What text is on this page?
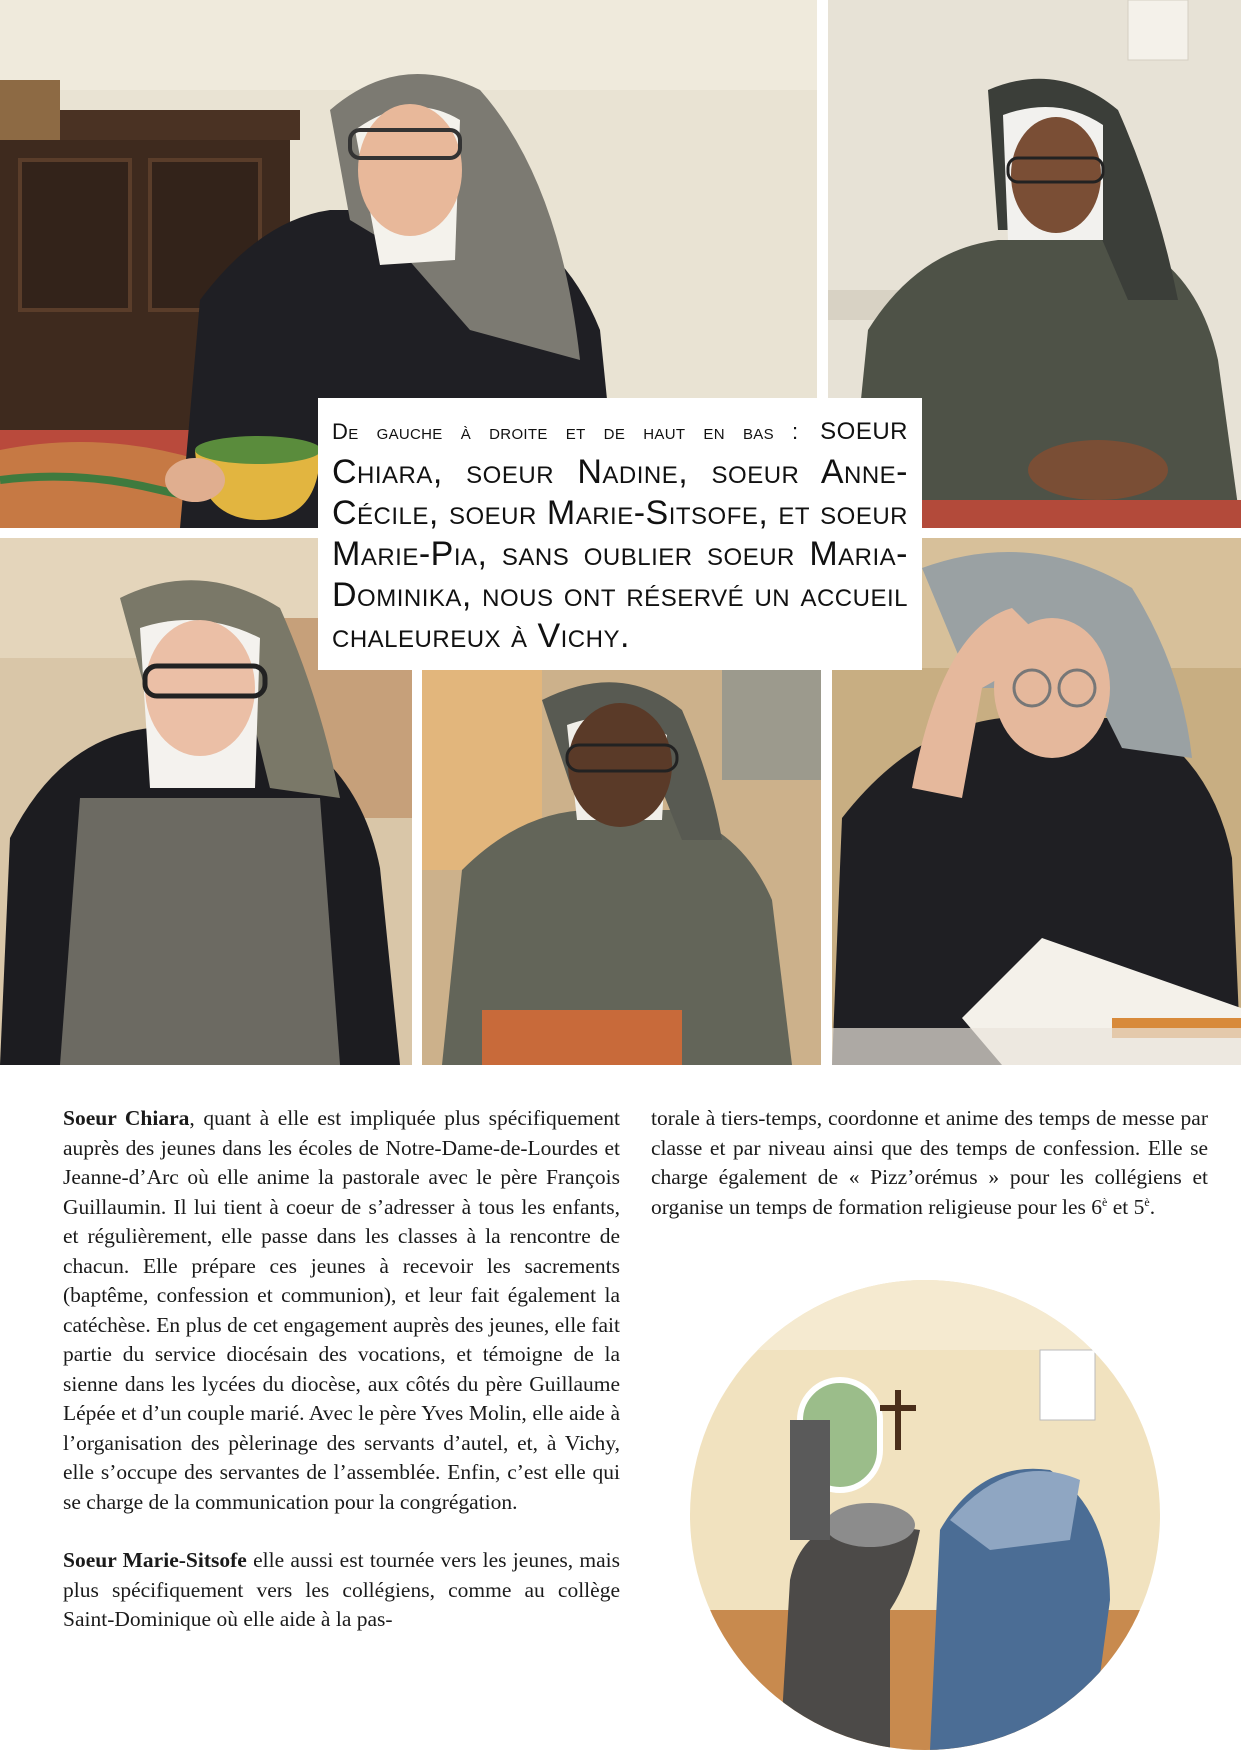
De gauche à droite et de haut en bas : soeur Chiara, soeur Nadine, soeur Anne-Cécile, soeur Marie-Sitsofe, et soeur Marie-Pia, sans oublier soeur Maria-Dominika, nous ont réservé un accueil chaleureux à Vichy.

Soeur Chiara, quant à elle est impliquée plus spécifiquement auprès des jeunes dans les écoles de Notre-Dame-de-Lourdes et Jeanne-d’Arc où elle anime la pastorale avec le père François Guillaumin. Il lui tient à coeur de s’adresser à tous les enfants, et régulièrement, elle passe dans les classes à la rencontre de chacun. Elle prépare ces jeunes à recevoir les sacrements (baptême, confession et communion), et leur fait également la catéchèse. En plus de cet engagement auprès des jeunes, elle fait partie du service diocésain des vocations, et témoigne de la sienne dans les lycées du diocèse, aux côtés du père Guillaume Lépée et d’un couple marié. Avec le père Yves Molin, elle aide à l’organisation des pèlerinage des servants d’autel, et, à Vichy, elle s’occupe des servantes de l’assemblée. Enfin, c’est elle qui se charge de la communication pour la congrégation.

Soeur Marie-Sitsofe elle aussi est tournée vers les jeunes, mais plus spécifiquement vers les collégiens, comme au collège Saint-Dominique où elle aide à la pas-

torale à tiers-temps, coordonne et anime des temps de messe par classe et par niveau ainsi que des temps de confession. Elle se charge également de « Pizz’orémus » pour les collégiens et organise un temps de formation religieuse pour les $6^è$ et $5^è$.
